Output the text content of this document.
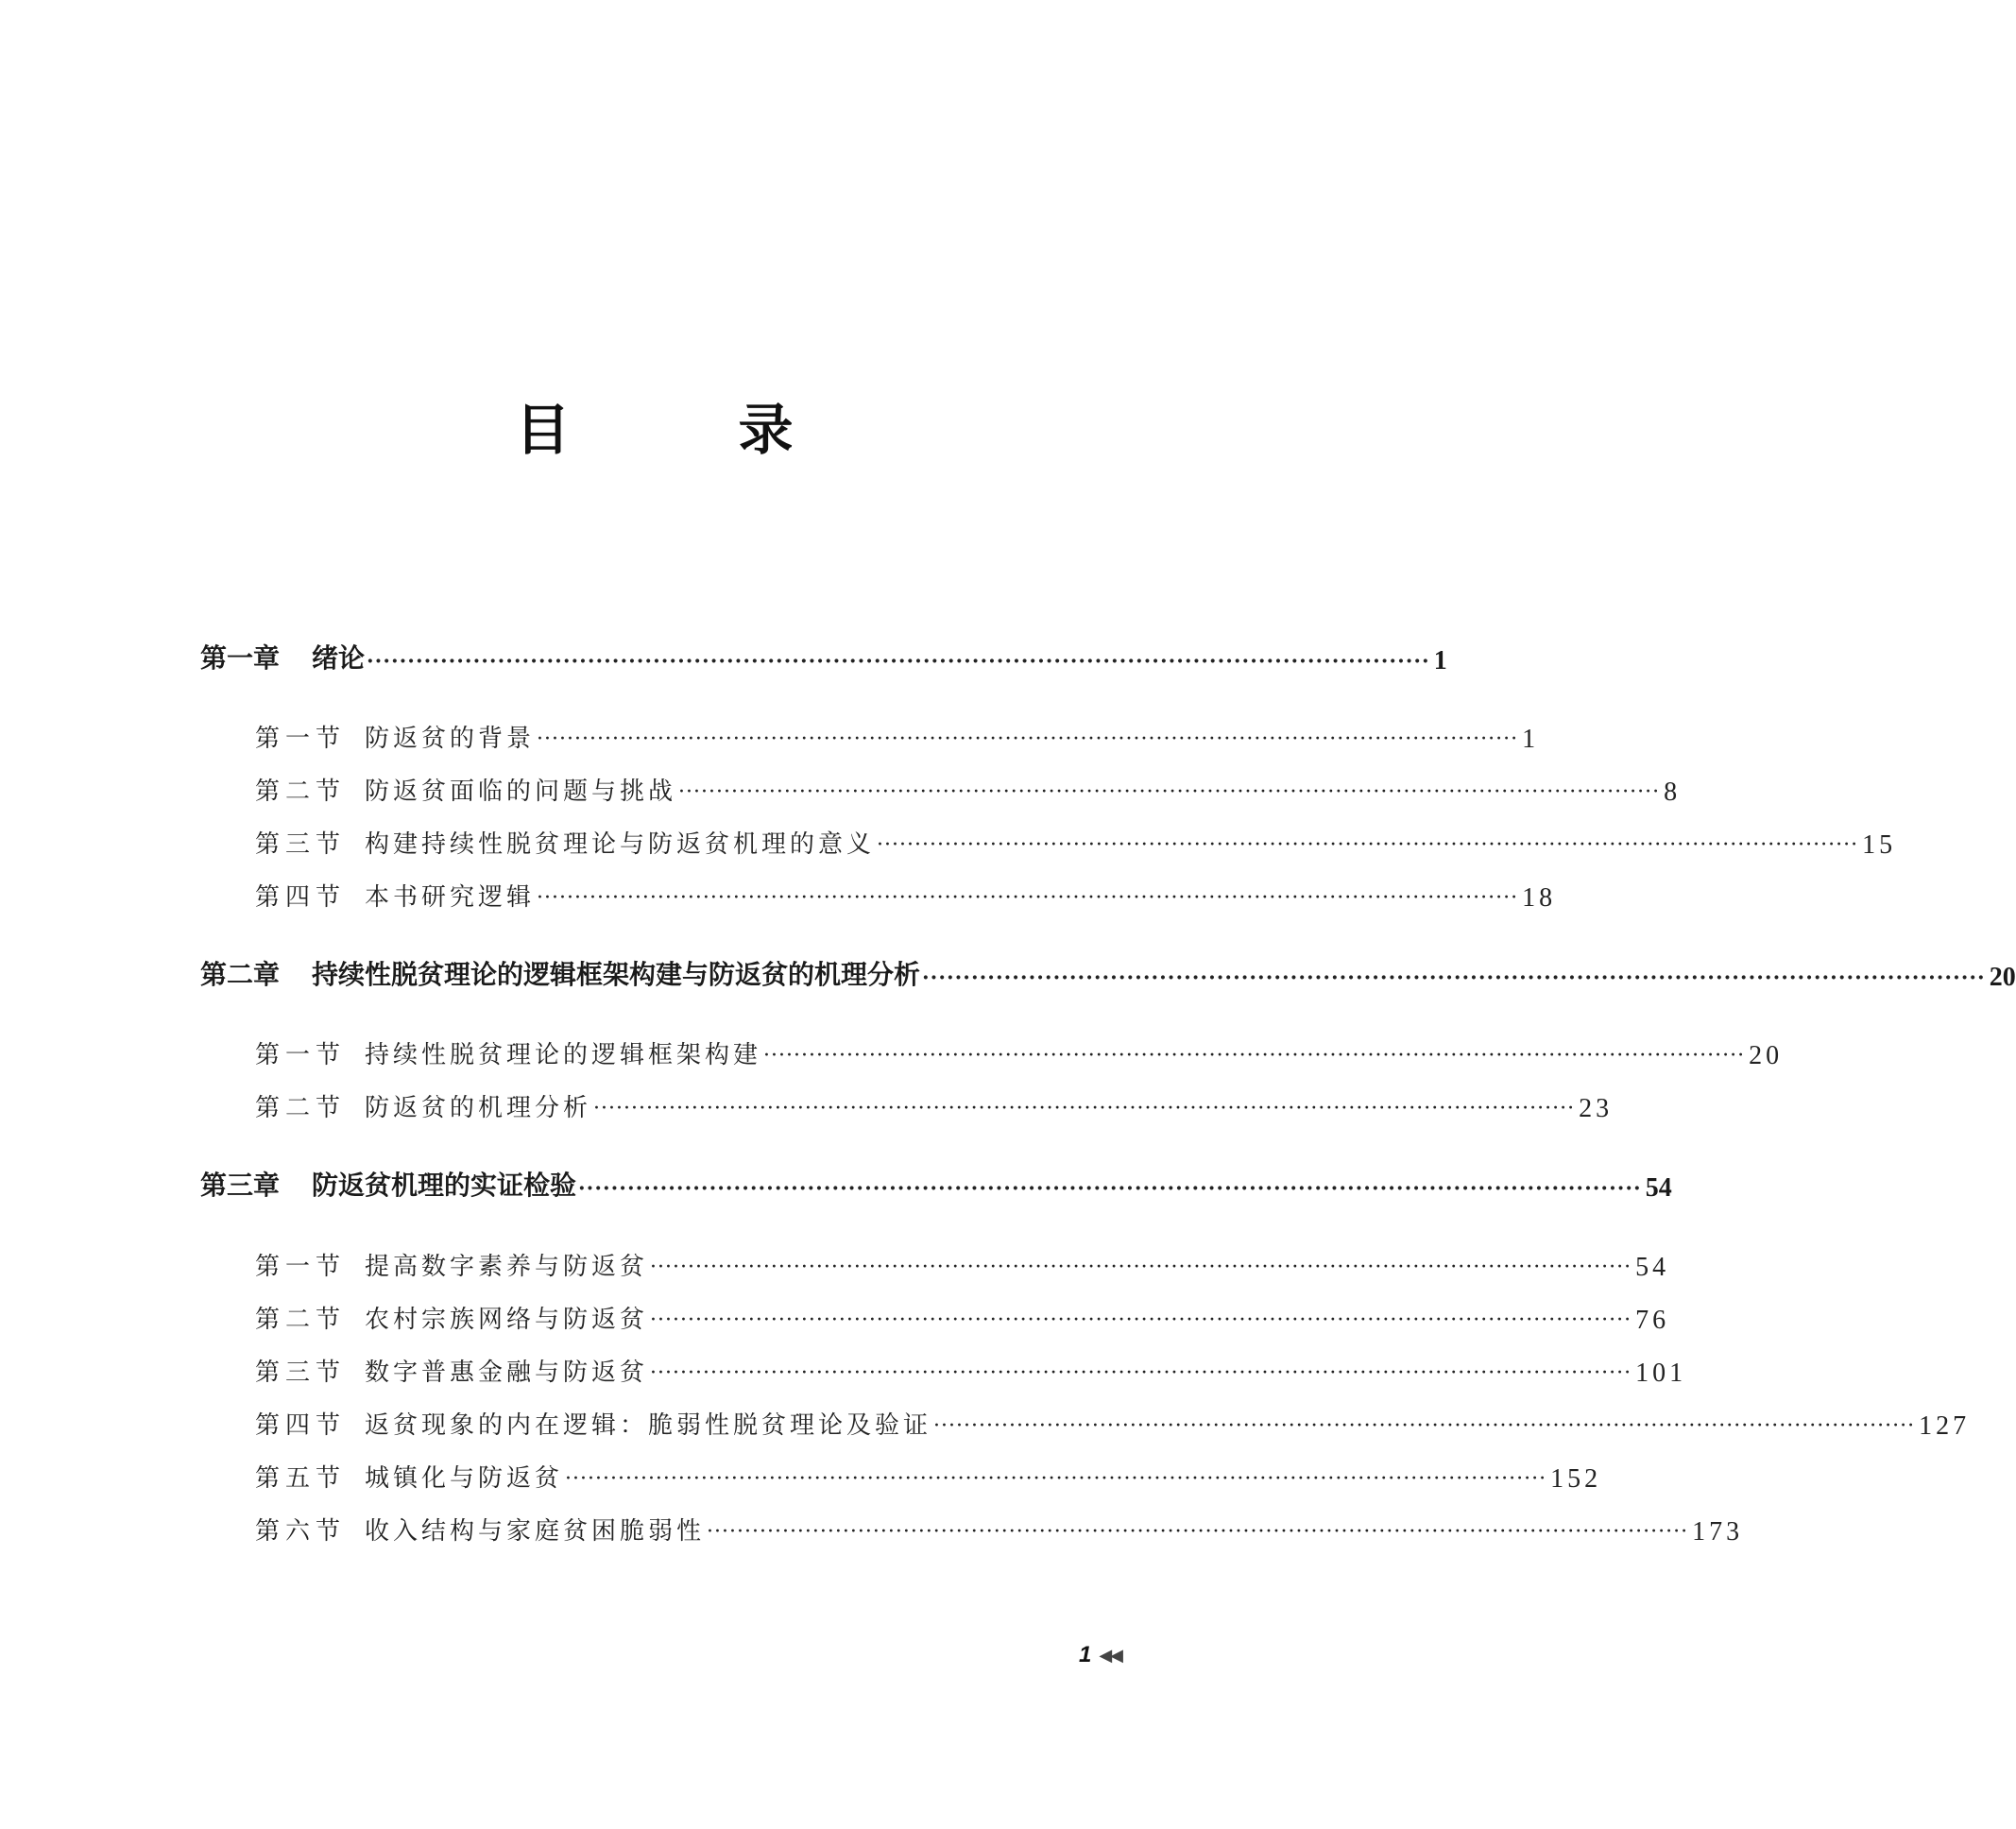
目　录
第一章	绪论 ·································································································································· 1
第一节 防返贫的背景 ·································································································································· 1
第二节 防返贫面临的问题与挑战 ·································································································································· 8
第三节 构建持续性脱贫理论与防返贫机理的意义 ·································································································································· 15
第四节 本书研究逻辑 ·································································································································· 18
第二章	持续性脱贫理论的逻辑框架构建与防返贫的机理分析 ·································································································································· 20
第一节 持续性脱贫理论的逻辑框架构建 ·································································································································· 20
第二节 防返贫的机理分析 ·································································································································· 23
第三章	防返贫机理的实证检验 ·································································································································· 54
第一节 提高数字素养与防返贫 ·································································································································· 54
第二节 农村宗族网络与防返贫 ·································································································································· 76
第三节 数字普惠金融与防返贫 ·································································································································· 101
第四节 返贫现象的内在逻辑：脆弱性脱贫理论及验证 ·································································································································· 127
第五节 城镇化与防返贫 ·································································································································· 152
第六节 收入结构与家庭贫困脆弱性 ·································································································································· 173
1 ◀◀
